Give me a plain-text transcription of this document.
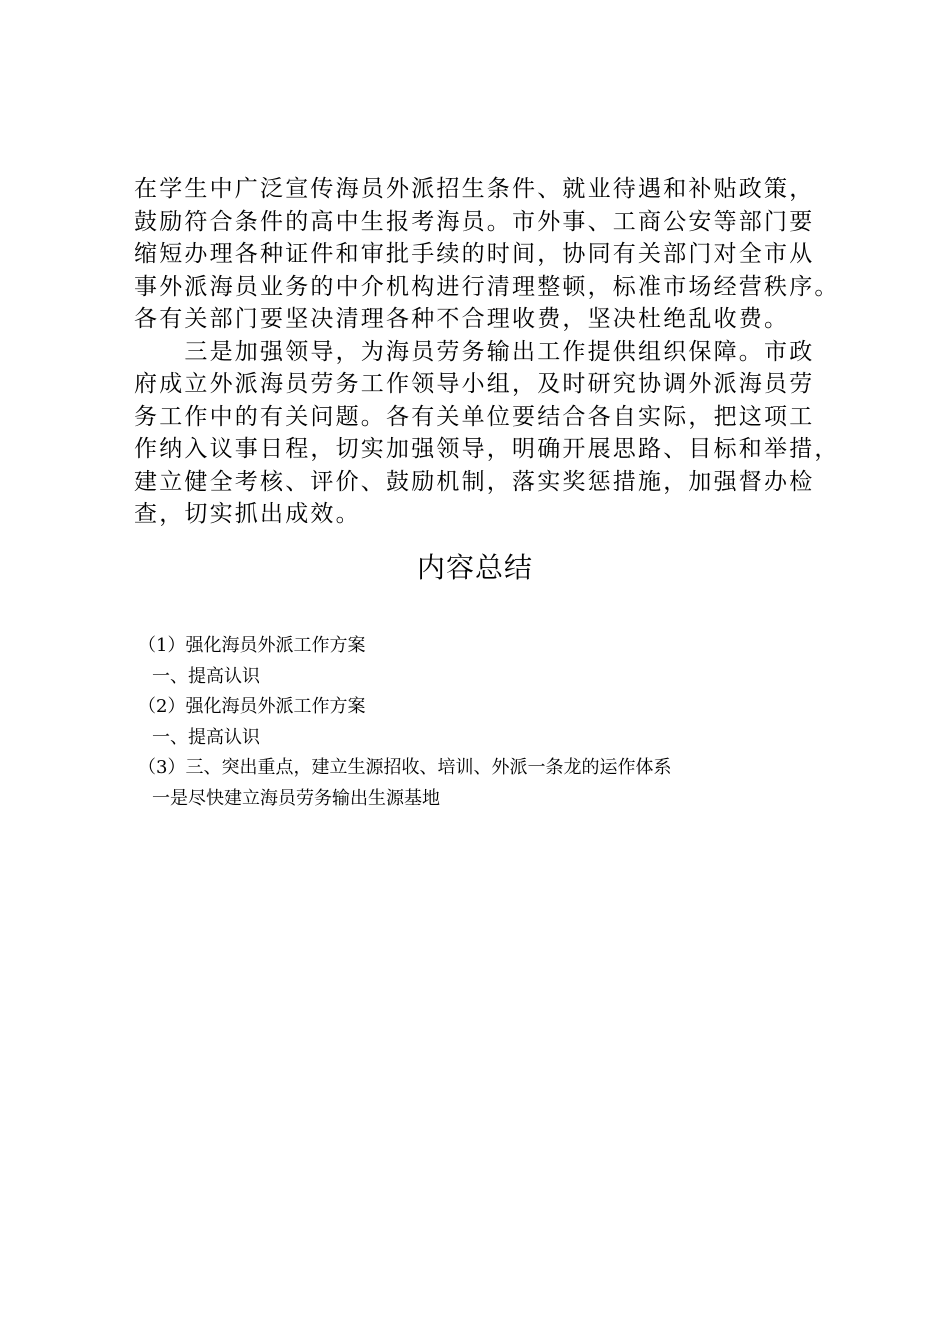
在学生中广泛宣传海员外派招生条件、就业待遇和补贴政策，
鼓励符合条件的高中生报考海员。市外事、工商公安等部门要
缩短办理各种证件和审批手续的时间，协同有关部门对全市从
事外派海员业务的中介机构进行清理整顿，标准市场经营秩序。
各有关部门要坚决清理各种不合理收费，坚决杜绝乱收费。
　　三是加强领导，为海员劳务输出工作提供组织保障。市政
府成立外派海员劳务工作领导小组，及时研究协调外派海员劳
务工作中的有关问题。各有关单位要结合各自实际，把这项工
作纳入议事日程，切实加强领导，明确开展思路、目标和举措，
建立健全考核、评价、鼓励机制，落实奖惩措施，加强督办检
查，切实抓出成效。
内容总结
（1）强化海员外派工作方案
一、提高认识
（2）强化海员外派工作方案
一、提高认识
（3）三、突出重点，建立生源招收、培训、外派一条龙的运作体系
一是尽快建立海员劳务输出生源基地
